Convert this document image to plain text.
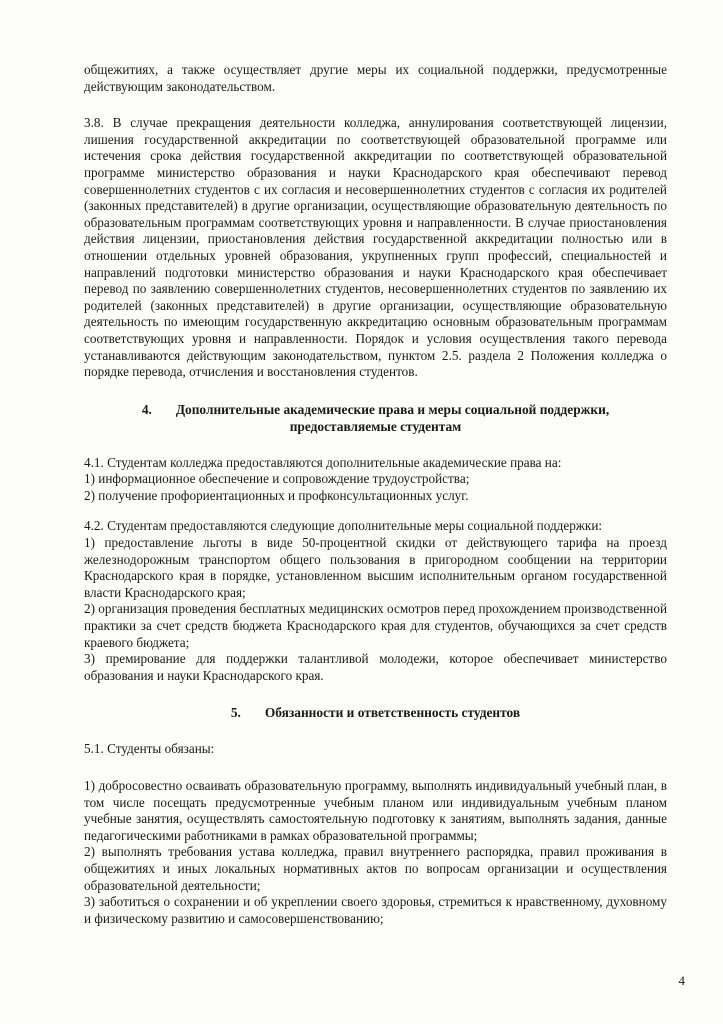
общежитиях, а также осуществляет другие меры их социальной поддержки, предусмотренные действующим законодательством.

3.8. В случае прекращения деятельности колледжа, аннулирования соответствующей лицензии, лишения государственной аккредитации по соответствующей образовательной программе или истечения срока действия государственной аккредитации по соответствующей образовательной программе министерство образования и науки Краснодарского края обеспечивают перевод совершеннолетних студентов с их согласия и несовершеннолетних студентов с согласия их родителей (законных представителей) в другие организации, осуществляющие образовательную деятельность по образовательным программам соответствующих уровня и направленности. В случае приостановления действия лицензии, приостановления действия государственной аккредитации полностью или в отношении отдельных уровней образования, укрупненных групп профессий, специальностей и направлений подготовки министерство образования и науки Краснодарского края обеспечивает перевод по заявлению совершеннолетних студентов, несовершеннолетних студентов по заявлению их родителей (законных представителей) в другие организации, осуществляющие образовательную деятельность по имеющим государственную аккредитацию основным образовательным программам соответствующих уровня и направленности. Порядок и условия осуществления такого перевода устанавливаются действующим законодательством, пунктом 2.5. раздела 2 Положения колледжа о порядке перевода, отчисления и восстановления студентов.

4. Дополнительные академические права и меры социальной поддержки,
предоставляемые студентам

4.1. Студентам колледжа предоставляются дополнительные академические права на:

1) информационное обеспечение и сопровождение трудоустройства;

2) получение профориентационных и профконсультационных услуг.

4.2. Студентам предоставляются следующие дополнительные меры социальной поддержки:

1) предоставление льготы в виде 50-процентной скидки от действующего тарифа на проезд железнодорожным транспортом общего пользования в пригородном сообщении на территории Краснодарского края в порядке, установленном высшим исполнительным органом государственной власти Краснодарского края;

2) организация проведения бесплатных медицинских осмотров перед прохождением производственной практики за счет средств бюджета Краснодарского края для студентов, обучающихся за счет средств краевого бюджета;

3) премирование для поддержки талантливой молодежи, которое обеспечивает министерство образования и науки Краснодарского края.

5. Обязанности и ответственность студентов

5.1. Студенты обязаны:

1) добросовестно осваивать образовательную программу, выполнять индивидуальный учебный план, в том числе посещать предусмотренные учебным планом или индивидуальным учебным планом учебные занятия, осуществлять самостоятельную подготовку к занятиям, выполнять задания, данные педагогическими работниками в рамках образовательной программы;

2) выполнять требования устава колледжа, правил внутреннего распорядка, правил проживания в общежитиях и иных локальных нормативных актов по вопросам организации и осуществления образовательной деятельности;

3) заботиться о сохранении и об укреплении своего здоровья, стремиться к нравственному, духовному и физическому развитию и самосовершенствованию;

4
